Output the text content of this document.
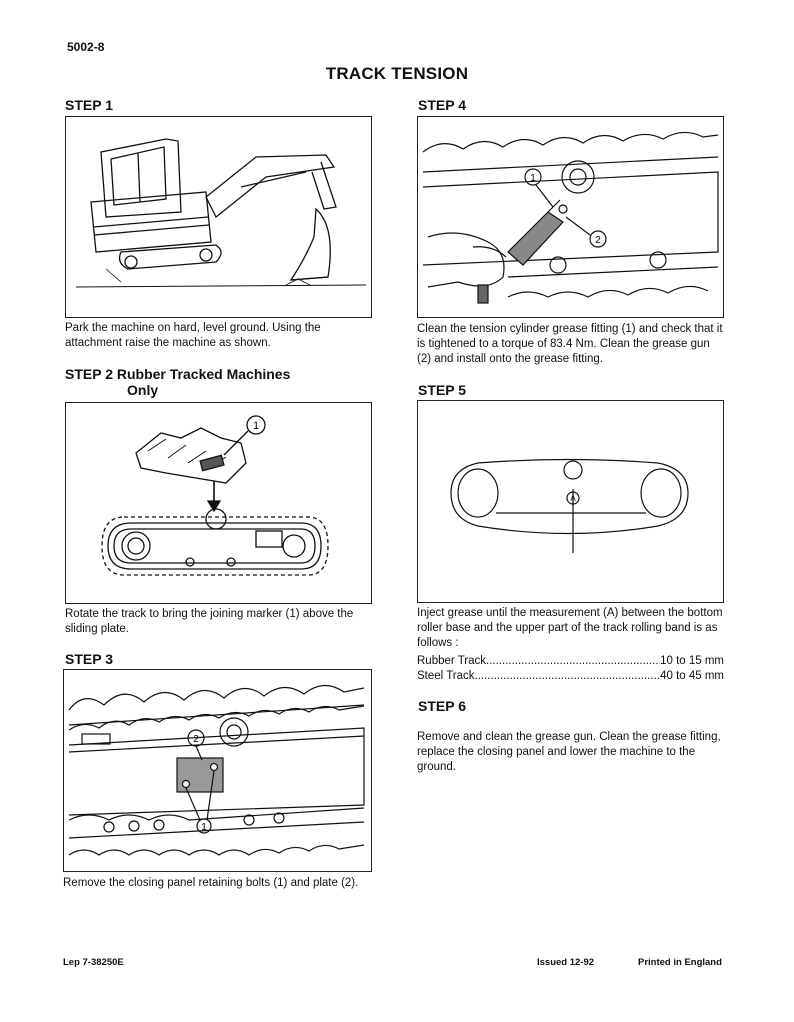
5002-8
TRACK TENSION
STEP 1
Park the machine on hard, level ground. Using the attachment raise the machine as shown.
STEP 2 Rubber Tracked Machines
Only
1
Rotate the track to bring the joining marker (1) above the sliding plate.
STEP 3
2
1
Remove the closing panel retaining bolts (1) and plate (2).
STEP 4
1
2
Clean the tension cylinder grease fitting (1) and check that it is tightened to a torque of 83.4 Nm. Clean the grease gun (2) and install onto the grease fitting.
STEP 5
A
Inject grease until the measurement (A) between the bottom roller base and the upper part of the track rolling band is as follows :
Rubber Track .....	10 to 15 mm
Steel Track .....	40 to 45 mm
STEP 6
Remove and clean the grease gun. Clean the grease fitting, replace the closing panel and lower the machine to the ground.
Lep 7-38250E	Issued 12-92	Printed in England
